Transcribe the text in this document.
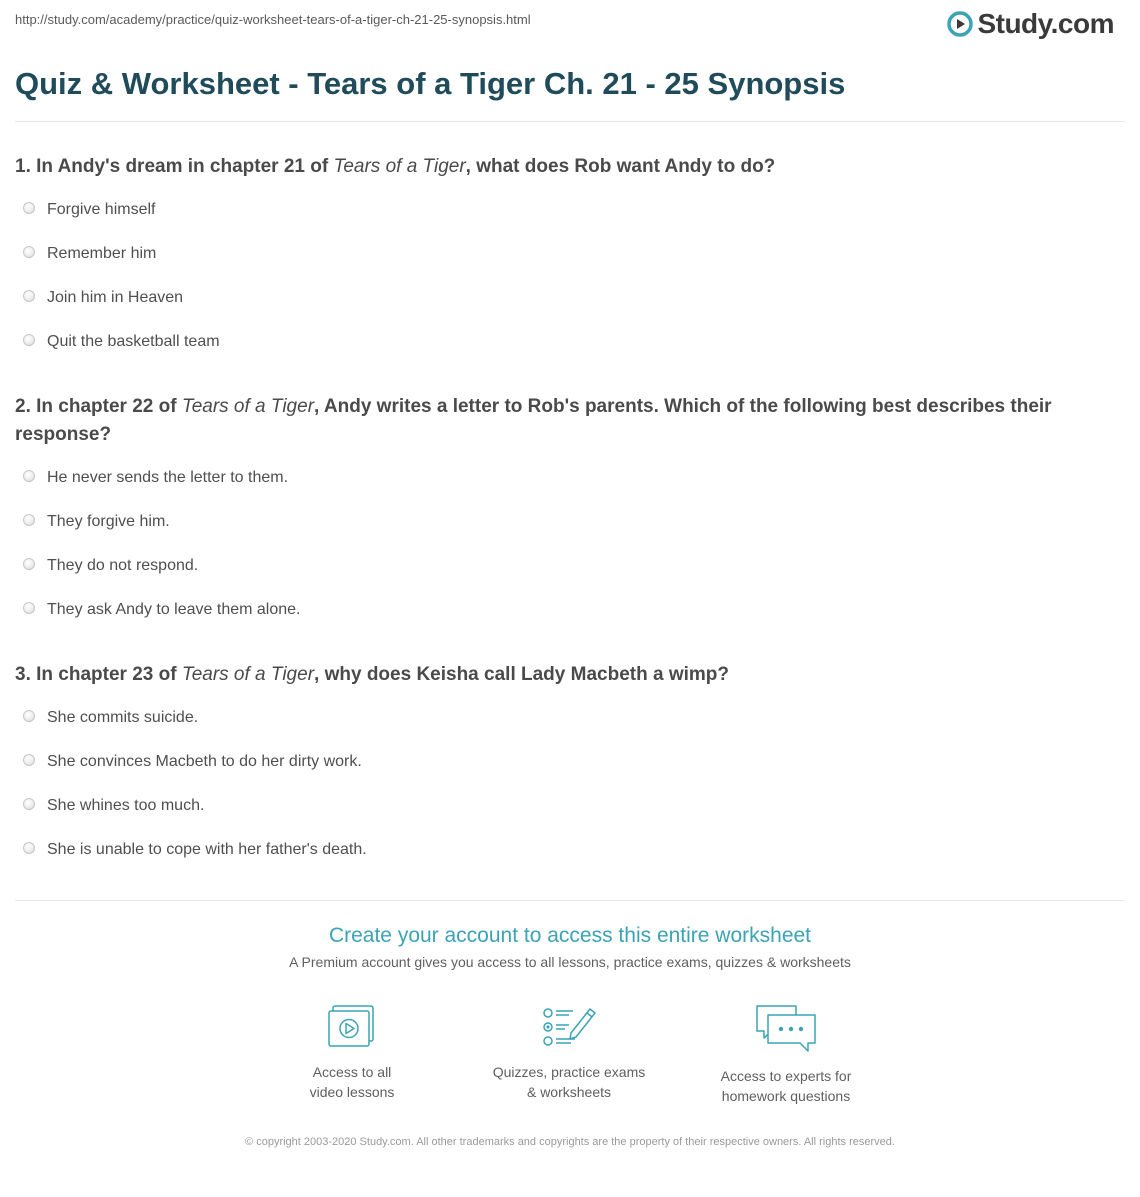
http://study.com/academy/practice/quiz-worksheet-tears-of-a-tiger-ch-21-25-synopsis.html	Study.com
Quiz & Worksheet - Tears of a Tiger Ch. 21 - 25 Synopsis

1. In Andy's dream in chapter 21 of Tears of a Tiger, what does Rob want Andy to do?

Forgive himself
Remember him
Join him in Heaven
Quit the basketball team

2. In chapter 22 of Tears of a Tiger, Andy writes a letter to Rob's parents. Which of the following best describes their response?

He never sends the letter to them.
They forgive him.
They do not respond.
They ask Andy to leave them alone.

3. In chapter 23 of Tears of a Tiger, why does Keisha call Lady Macbeth a wimp?

She commits suicide.
She convinces Macbeth to do her dirty work.
She whines too much.
She is unable to cope with her father's death.
Create your account to access this entire worksheet
A Premium account gives you access to all lessons, practice exams, quizzes & worksheets
Access to all
video lessons
Quizzes, practice exams
& worksheets
Access to experts for
homework questions
© copyright 2003-2020 Study.com. All other trademarks and copyrights are the property of their respective owners. All rights reserved.
